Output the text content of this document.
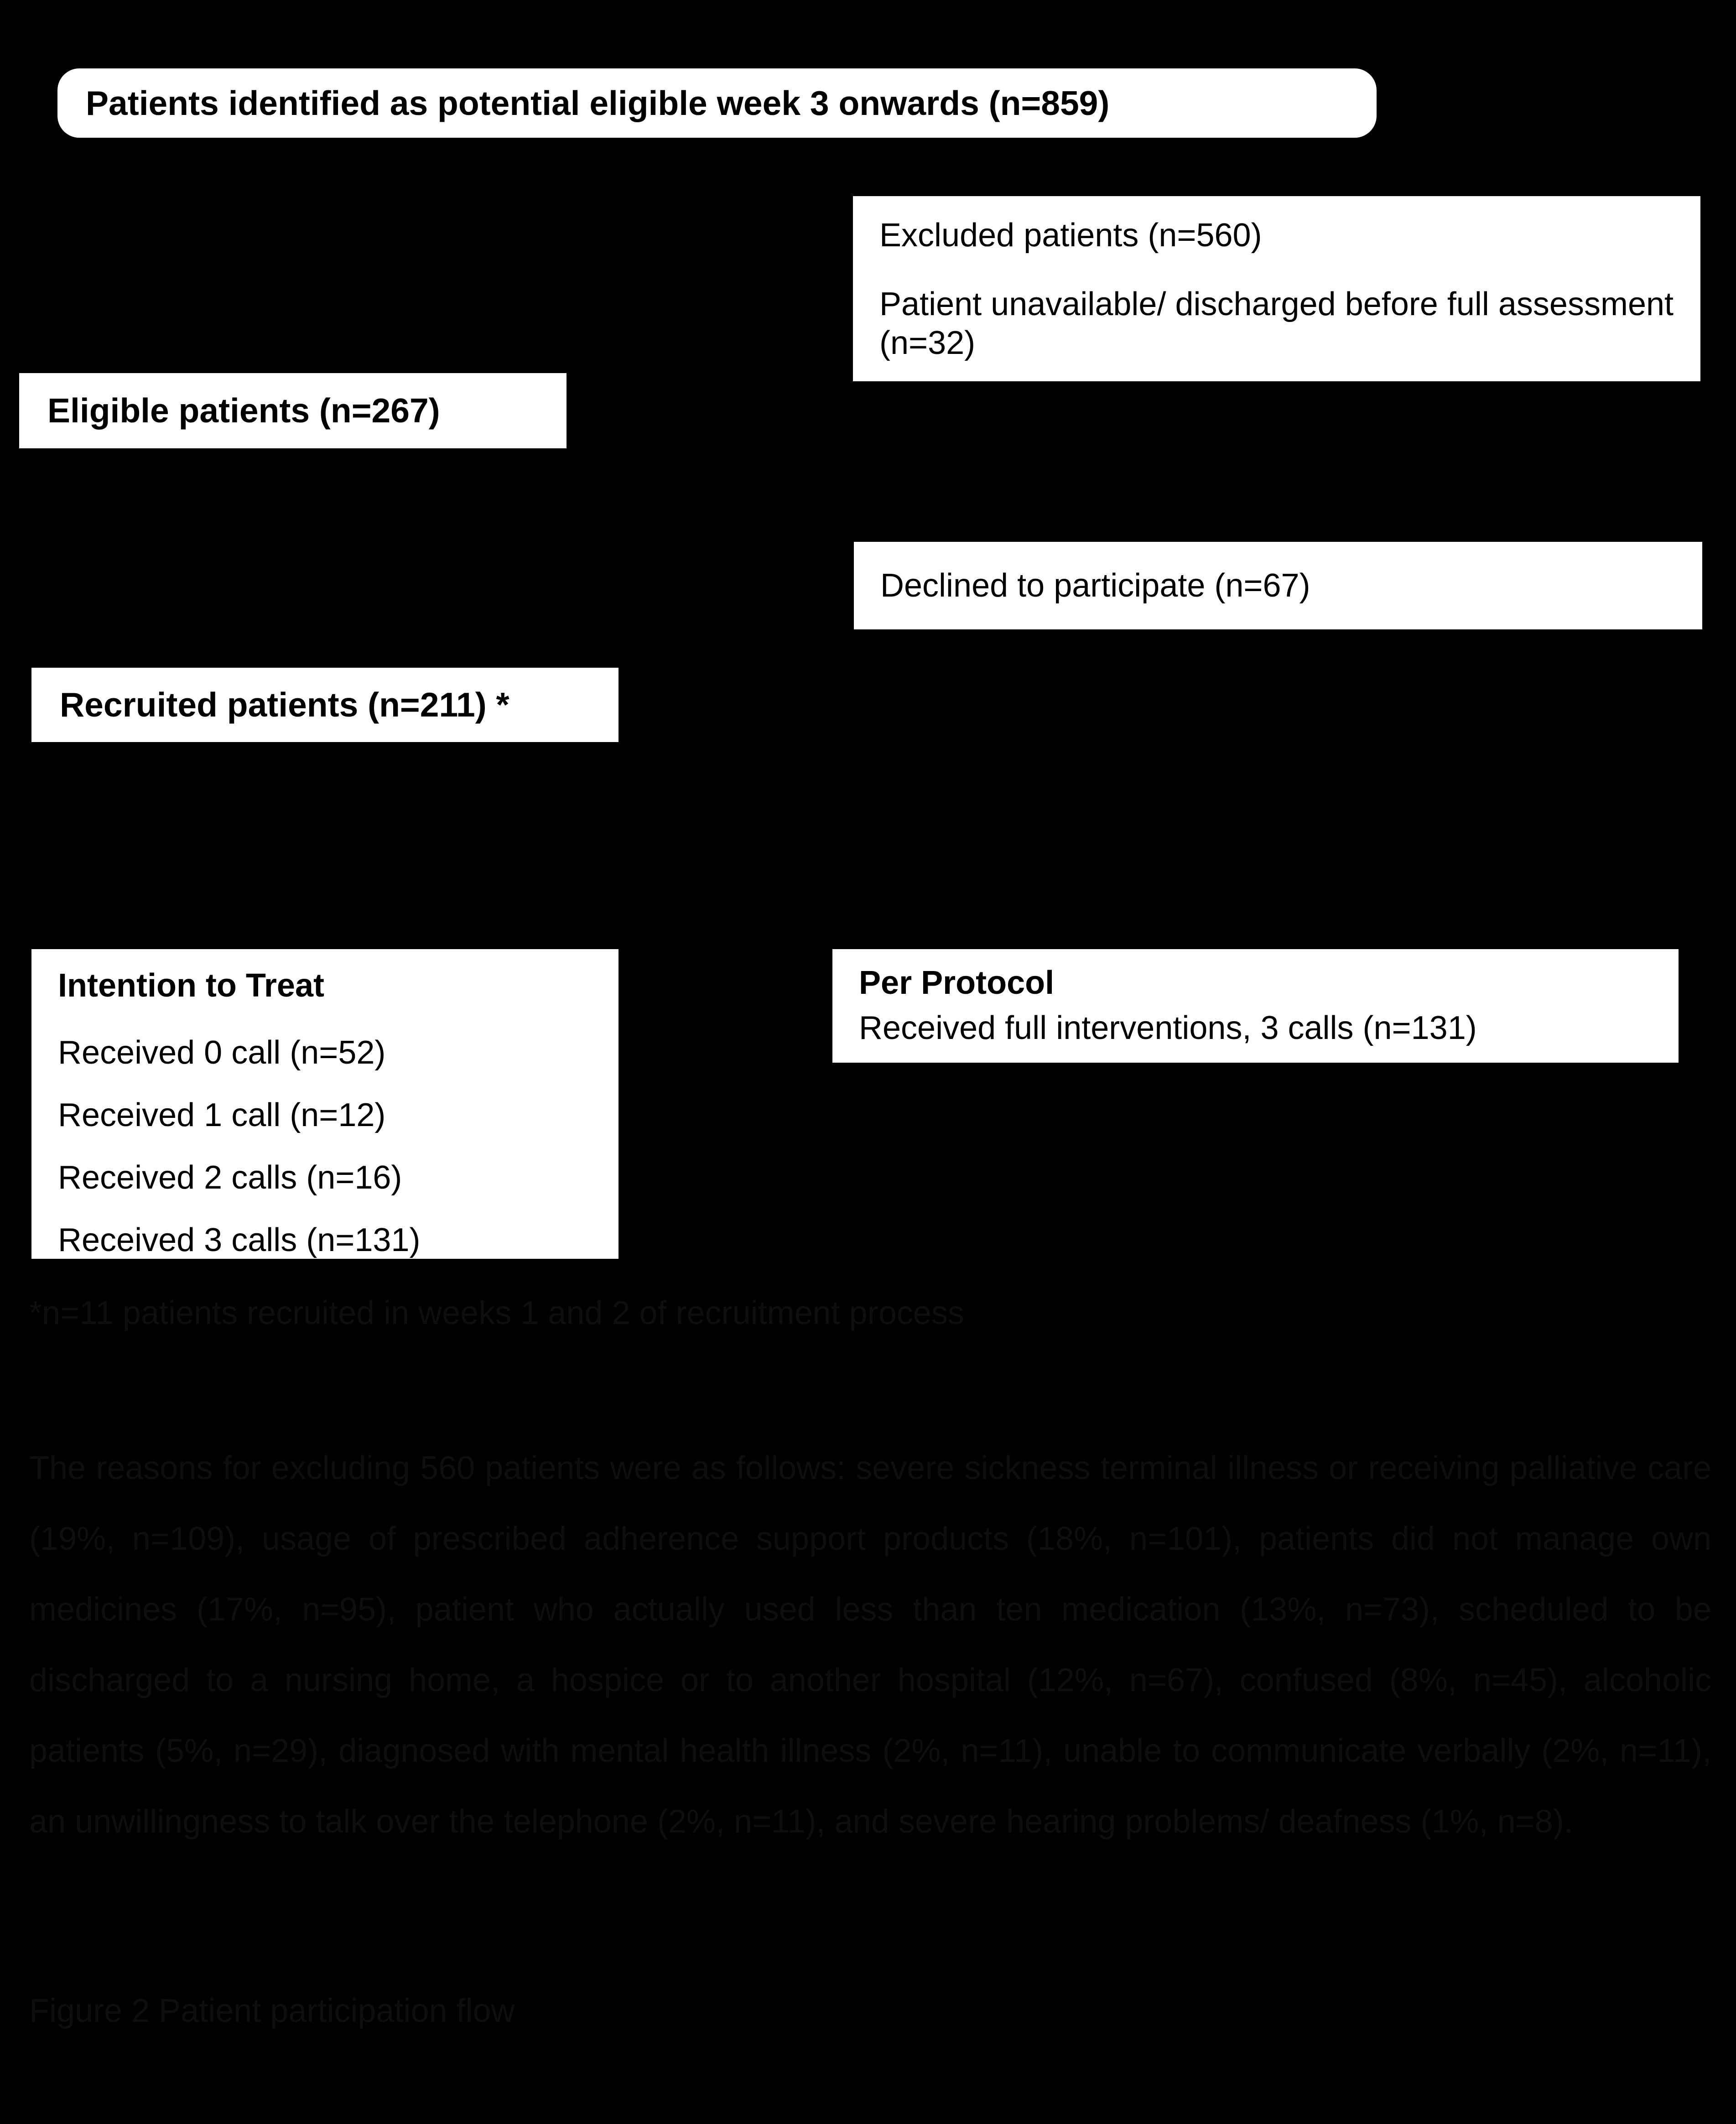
Patients identified as potential eligible week 3 onwards (n=859)

Excluded patients (n=560)

Patient unavailable/ discharged before full assessment (n=32)

Eligible patients (n=267)
Declined to participate (n=67)
Recruited patients (n=211) *

Intention to Treat

Received 0 call (n=52)

Received 1 call (n=12)

Received 2 calls (n=16)

Received 3 calls (n=131)

Per Protocol

Received full interventions, 3 calls (n=131)

*n=11 patients recruited in weeks 1 and 2 of recruitment process
The reasons for excluding 560 patients were as follows: severe sickness terminal illness or receiving palliative care (19%, n=109), usage of prescribed adherence support products (18%, n=101), patients did not manage own medicines (17%, n=95), patient who actually used less than ten medication (13%, n=73), scheduled to be discharged to a nursing home, a hospice or to another hospital (12%, n=67), confused (8%, n=45), alcoholic patients (5%, n=29), diagnosed with mental health illness (2%, n=11), unable to communicate verbally (2%, n=11), an unwillingness to talk over the telephone (2%, n=11), and severe hearing problems/ deafness (1%, n=8).
Figure 2 Patient participation flow
